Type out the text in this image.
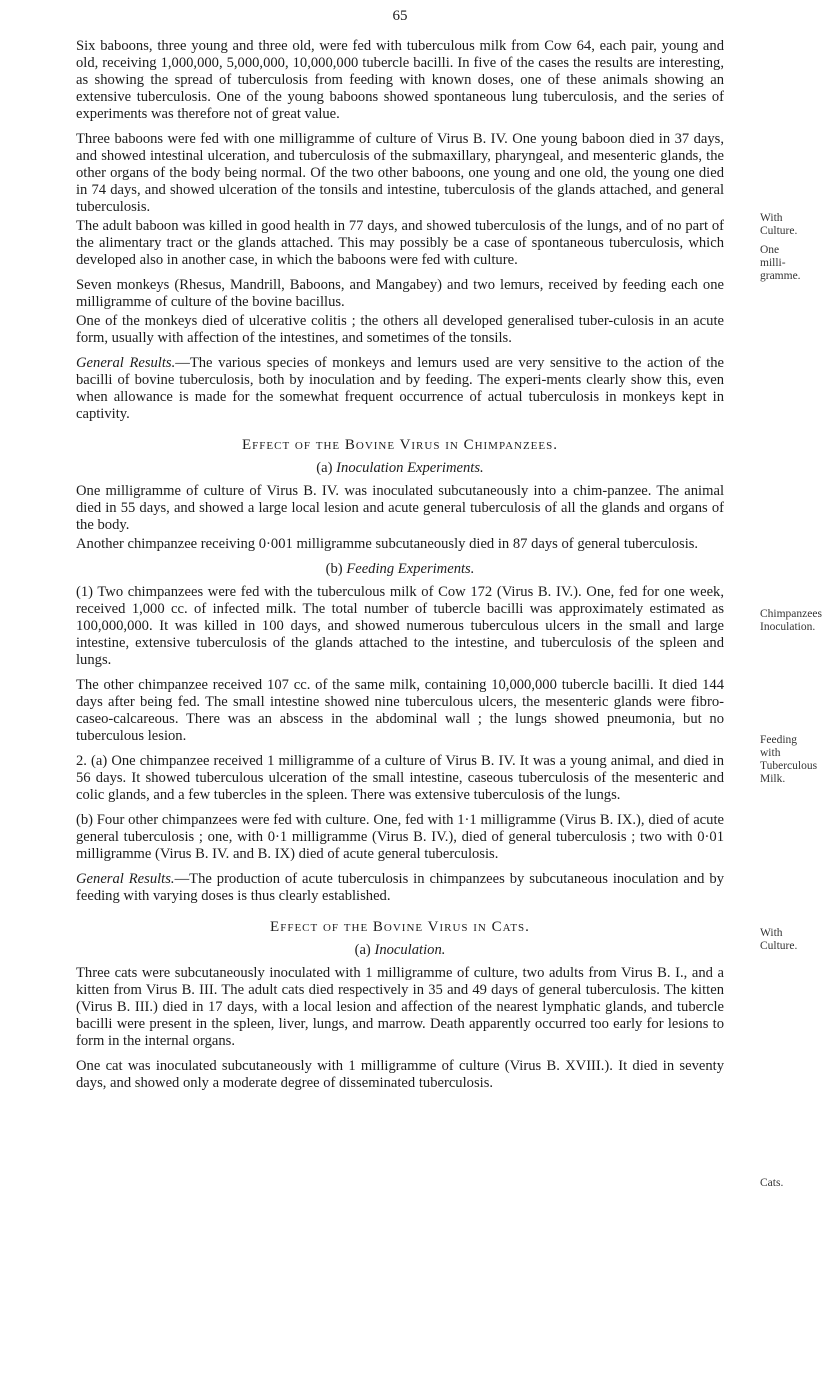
65

Six baboons, three young and three old, were fed with tuberculous milk from Cow 64, each pair, young and old, receiving 1,000,000, 5,000,000, 10,000,000 tubercle bacilli. In five of the cases the results are interesting, as showing the spread of tuberculosis from feeding with known doses, one of these animals showing an extensive tuberculosis. One of the young baboons showed spontaneous lung tuberculosis, and the series of experiments was therefore not of great value.

Three baboons were fed with one milligramme of culture of Virus B. IV. One young baboon died in 37 days, and showed intestinal ulceration, and tuberculosis of the submaxillary, pharyngeal, and mesenteric glands, the other organs of the body being normal. Of the two other baboons, one young and one old, the young one died in 74 days, and showed ulceration of the tonsils and intestine, tuberculosis of the glands attached, and general tuberculosis.

The adult baboon was killed in good health in 77 days, and showed tuberculosis of the lungs, and of no part of the alimentary tract or the glands attached. This may possibly be a case of spontaneous tuberculosis, which developed also in another case, in which the baboons were fed with culture.

Seven monkeys (Rhesus, Mandrill, Baboons, and Mangabey) and two lemurs, received by feeding each one milligramme of culture of the bovine bacillus.

One of the monkeys died of ulcerative colitis ; the others all developed generalised tuber-culosis in an acute form, usually with affection of the intestines, and sometimes of the tonsils.

General Results.—The various species of monkeys and lemurs used are very sensitive to the action of the bacilli of bovine tuberculosis, both by inoculation and by feeding. The experi-ments clearly show this, even when allowance is made for the somewhat frequent occurrence of actual tuberculosis in monkeys kept in captivity.

Effect of the Bovine Virus in Chimpanzees.
(a) Inoculation Experiments.

One milligramme of culture of Virus B. IV. was inoculated subcutaneously into a chim-panzee. The animal died in 55 days, and showed a large local lesion and acute general tuberculosis of all the glands and organs of the body.

Another chimpanzee receiving 0·001 milligramme subcutaneously died in 87 days of general tuberculosis.

(b) Feeding Experiments.

(1) Two chimpanzees were fed with the tuberculous milk of Cow 172 (Virus B. IV.). One, fed for one week, received 1,000 cc. of infected milk. The total number of tubercle bacilli was approximately estimated as 100,000,000. It was killed in 100 days, and showed numerous tuberculous ulcers in the small and large intestine, extensive tuberculosis of the glands attached to the intestine, and tuberculosis of the spleen and lungs.

The other chimpanzee received 107 cc. of the same milk, containing 10,000,000 tubercle bacilli. It died 144 days after being fed. The small intestine showed nine tuberculous ulcers, the mesenteric glands were fibro-caseo-calcareous. There was an abscess in the abdominal wall ; the lungs showed pneumonia, but no tuberculous lesion.

2. (a) One chimpanzee received 1 milligramme of a culture of Virus B. IV. It was a young animal, and died in 56 days. It showed tuberculous ulceration of the small intestine, caseous tuberculosis of the mesenteric and colic glands, and a few tubercles in the spleen. There was extensive tuberculosis of the lungs.

(b) Four other chimpanzees were fed with culture. One, fed with 1·1 milligramme (Virus B. IX.), died of acute general tuberculosis ; one, with 0·1 milligramme (Virus B. IV.), died of general tuberculosis ; two with 0·01 milligramme (Virus B. IV. and B. IX) died of acute general tuberculosis.

General Results.—The production of acute tuberculosis in chimpanzees by subcutaneous inoculation and by feeding with varying doses is thus clearly established.

Effect of the Bovine Virus in Cats.
(a) Inoculation.

Three cats were subcutaneously inoculated with 1 milligramme of culture, two adults from Virus B. I., and a kitten from Virus B. III. The adult cats died respectively in 35 and 49 days of general tuberculosis. The kitten (Virus B. III.) died in 17 days, with a local lesion and affection of the nearest lymphatic glands, and tubercle bacilli were present in the spleen, liver, lungs, and marrow. Death apparently occurred too early for lesions to form in the internal organs.

One cat was inoculated subcutaneously with 1 milligramme of culture (Virus B. XVIII.). It died in seventy days, and showed only a moderate degree of disseminated tuberculosis.

With Culture.
One milli-gramme.
Chimpanzees Inoculation.
Feeding with Tuberculous Milk.
With Culture.
Cats.
